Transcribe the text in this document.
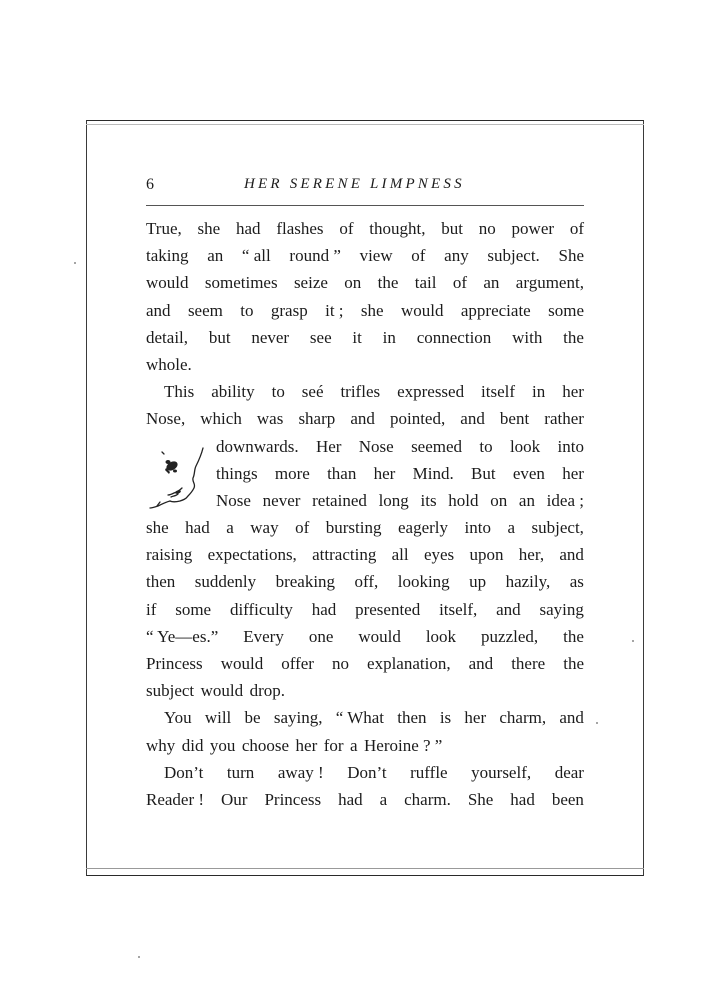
6	HER SERENE LIMPNESS
True, she had flashes of thought, but no power of
taking an “ all round ” view of any subject. She
would sometimes seize on the tail of an argument,
and seem to grasp it ; she would appreciate some
detail, but never see it in connection with the
whole.
This ability to seé trifles expressed itself in her
Nose, which was sharp and pointed, and bent rather
downwards. Her Nose seemed to look into
things more than her Mind. But even her
Nose never retained long its hold on an idea ;
she had a way of bursting eagerly into a subject,
raising expectations, attracting all eyes upon her, and
then suddenly breaking off, looking up hazily, as
if some difficulty had presented itself, and saying
“ Ye—es.” Every one would look puzzled, the
Princess would offer no explanation, and there the
subject would drop.
You will be saying, “ What then is her charm, and
why did you choose her for a Heroine ? ”
Don’t turn away ! Don’t ruffle yourself, dear
Reader ! Our Princess had a charm. She had been
